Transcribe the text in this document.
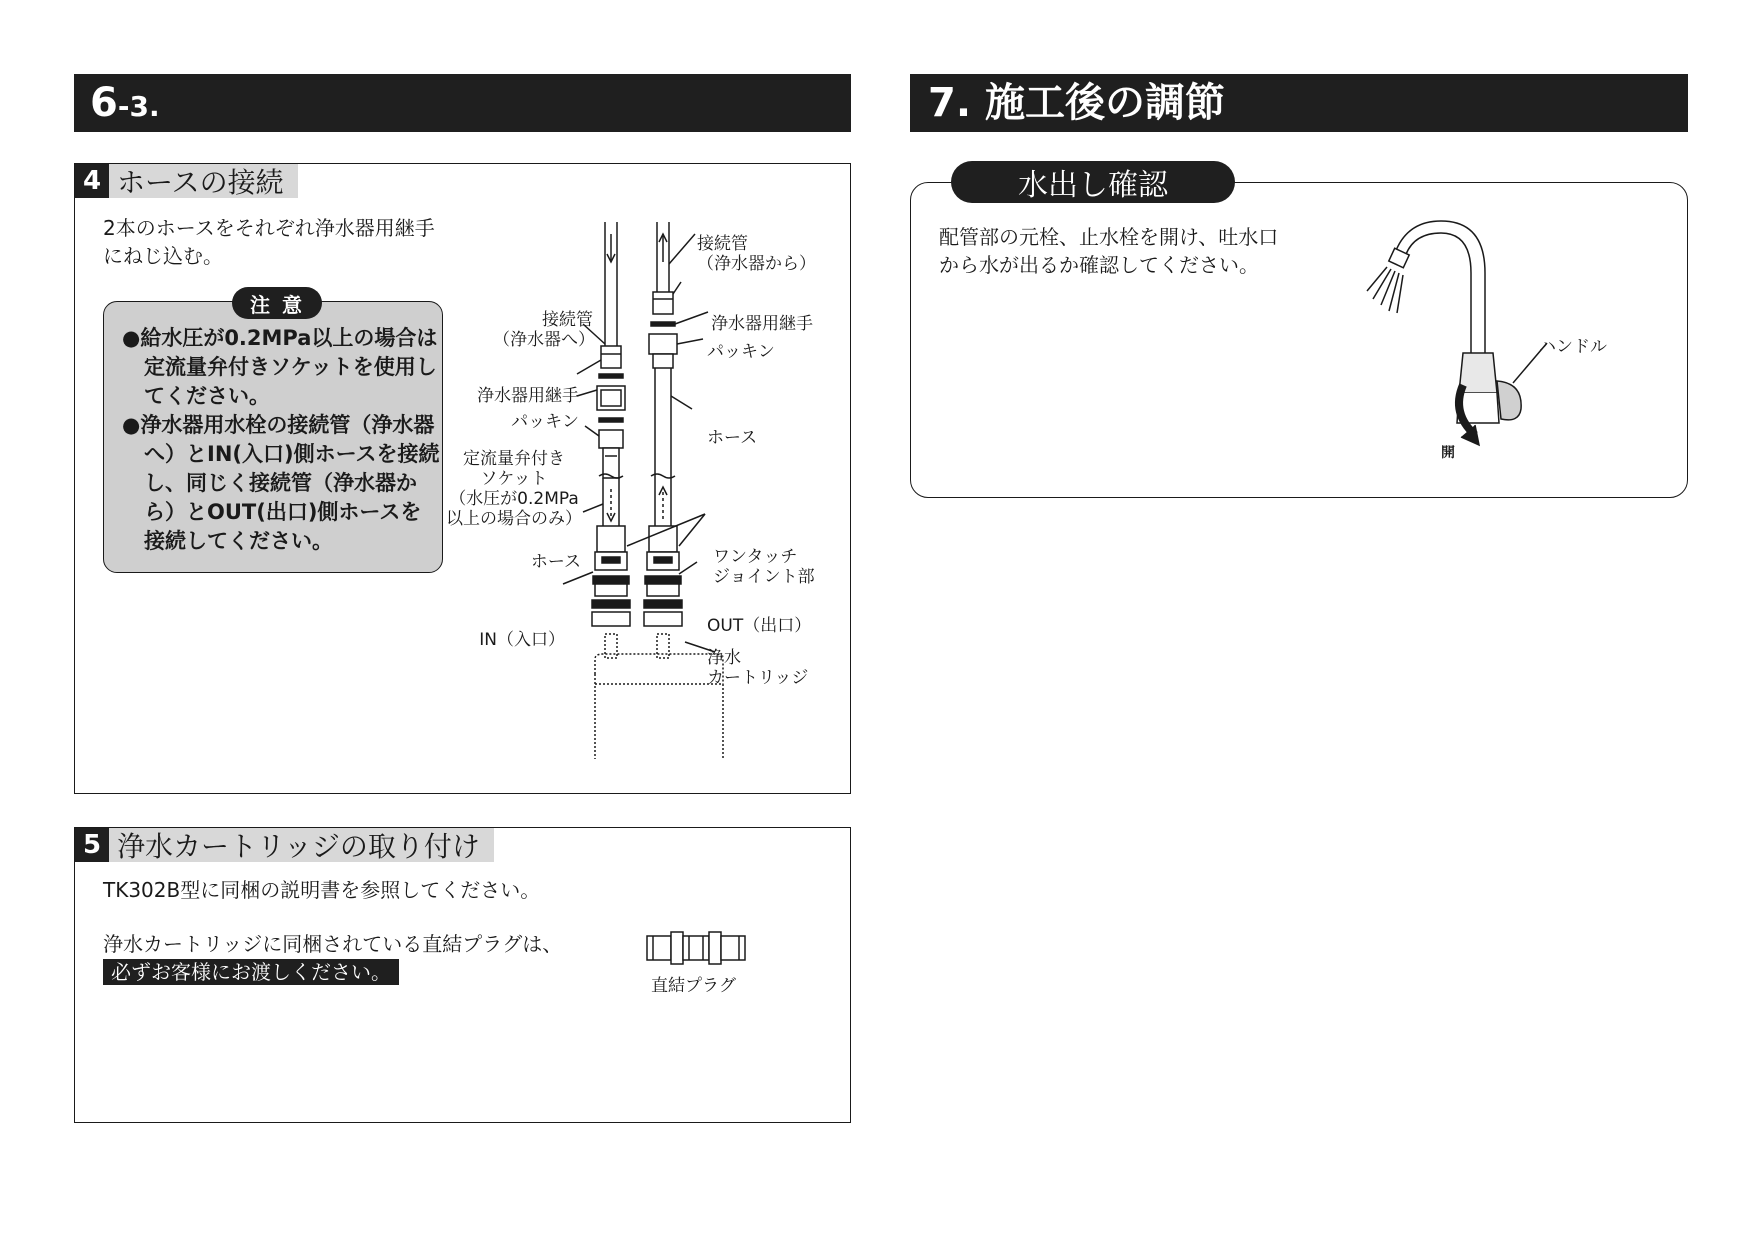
6-3.	7. 施工後の調節
4 ホースの接続
2本のホースをそれぞれ浄水器用継手
にねじ込む。
注意
●給水圧が0.2MPa以上の場合は定流量弁付きソケットを使用してください。
●浄水器用水栓の接続管（浄水器へ）とIN(入口)側ホースを接続し、同じく接続管（浄水器から）とOUT(出口)側ホースを接続してください。
接続管
（浄水器から）
接続管
（浄水器へ）
浄水器用継手
パッキン
浄水器用継手
パッキン
ホース
定流量弁付き
ソケット
（水圧が0.2MPa
以上の場合のみ）
ホース	ワンタッチ
ジョイント部
OUT（出口）
IN（入口）
浄水
カートリッジ
5 浄水カートリッジの取り付け
TK302B型に同梱の説明書を参照してください。
浄水カートリッジに同梱されている直結プラグは、
必ずお客様にお渡しください。
直結プラグ
水出し確認
配管部の元栓、止水栓を開け、吐水口
から水が出るか確認してください。
ハンドル
開
